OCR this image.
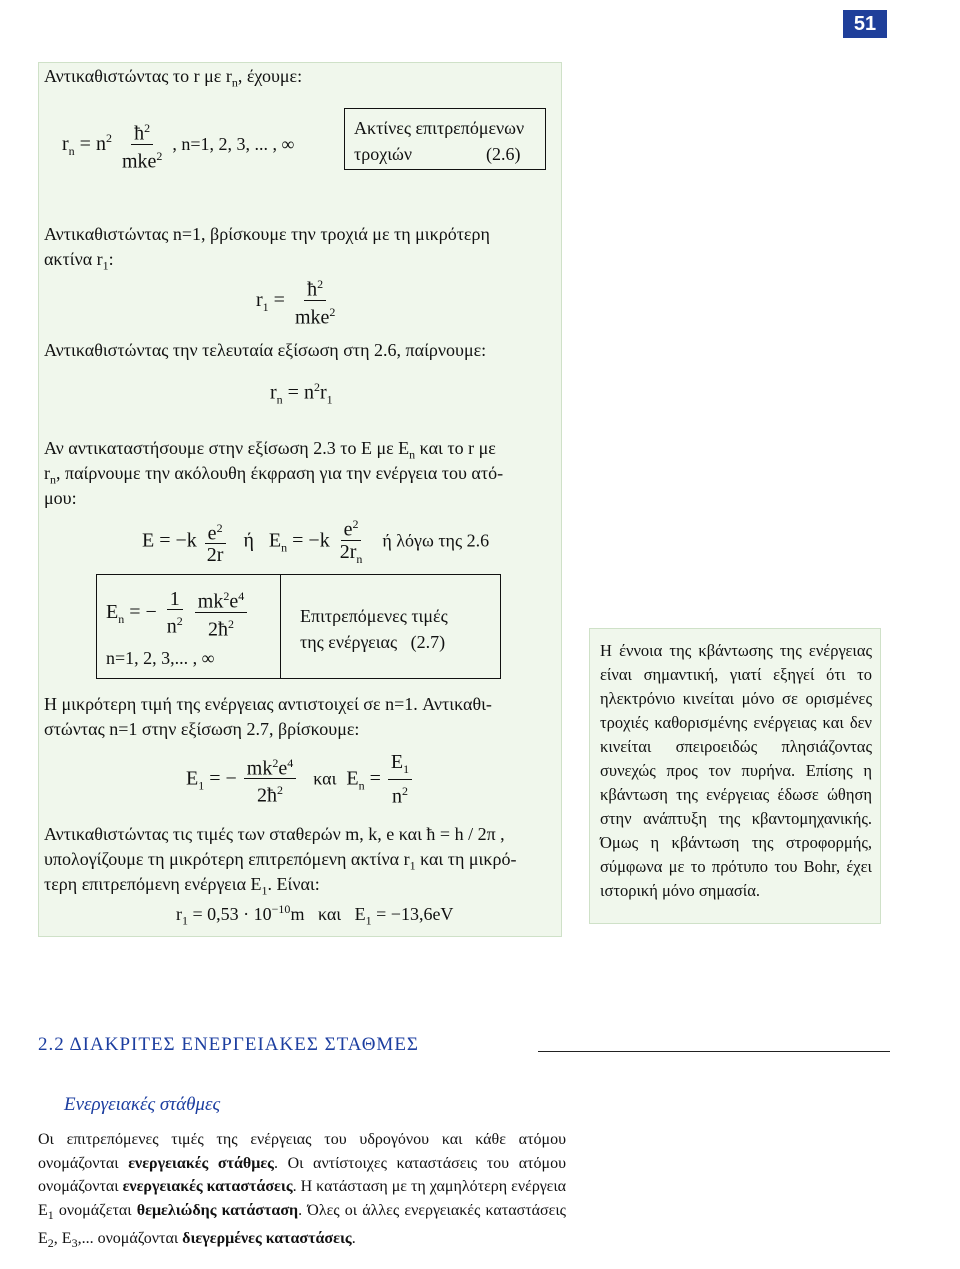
51
Αντικαθιστώντας το r με $r_n$, έχουμε:
$r_n = n^2 \frac{ħ^2}{mke^2}$ , n=1, 2, 3, ... , ∞
Ακτίνες επιτρεπόμενων
τροχιών	(2.6)
Αντικαθιστώντας n=1, βρίσκουμε την τροχιά με τη μικρότερη
ακτίνα $r_1$:
$r_1 = \frac{ħ^2}{mke^2}$
Αντικαθιστώντας την τελευταία εξίσωση στη 2.6, παίρνουμε:
$r_n = n^2r_1$
Αν αντικαταστήσουμε στην εξίσωση 2.3 το E με $E_n$ και το r με
$r_n$, παίρνουμε την ακόλουθη έκφραση για την ενέργεια του ατό-
μου:
$E = -k \frac{e^2}{2r}$ ή $E_n = -k \frac{e^2}{2r_n}$ ή λόγω της 2.6
$E_n$ = − $\frac{1}{n^2}$
$\frac{mk^2e^4}{2ħ^2}$
n=1, 2, 3,... , ∞
Επιτρεπόμενες τιμές
της ενέργειας (2.7)
Η μικρότερη τιμή της ενέργειας αντιστοιχεί σε n=1. Αντικαθι-
στώντας n=1 στην εξίσωση 2.7, βρίσκουμε:
$E_1$ = − $\frac{mk^2e^4}{2ħ^2}$ και $E_n = \frac{E_1}{n^2}$
Αντικαθιστώντας τις τιμές των σταθερών m, k, e και ħ = h / 2π ,
υπολογίζουμε τη μικρότερη επιτρεπόμενη ακτίνα $r_1$ και τη μικρό-
τερη επιτρεπόμενη ενέργεια $E_1$. Είναι:
$r_1 = 0,53 \cdot 10^{-10}m$ και $E_1 = -13,6eV$
Η έννοια της κβάντωσης της ενέργειας είναι σημαντική, γιατί εξηγεί ότι το ηλεκτρόνιο κινείται μόνο σε ορισμένες τροχιές καθορισμένης ενέργειας και δεν κινείται σπειροειδώς πλησιάζοντας συνεχώς προς τον πυρήνα. Επίσης η κβάντωση της ενέργειας έδωσε ώθηση στην ανάπτυξη της κβαντομηχανικής. Όμως η κβάντωση της στροφορμής, σύμφωνα με το πρότυπο του Bohr, έχει ιστορική μόνο σημασία.
2.2 ΔΙΑΚΡΙΤΕΣ ΕΝΕΡΓΕΙΑΚΕΣ ΣΤΑΘΜΕΣ
Ενεργειακές στάθμες
Οι επιτρεπόμενες τιμές της ενέργειας του υδρογόνου και κάθε ατόμου ονομάζονται ενεργειακές στάθμες. Οι αντίστοιχες καταστάσεις του ατόμου ονομάζονται ενεργειακές καταστάσεις. Η κατάσταση με τη χαμηλότερη ενέργεια $E_1$ ονομάζεται θεμελιώδης κατάσταση. Όλες οι άλλες ενεργειακές καταστάσεις $E_2$, $E_3$,... ονομάζονται διεγερμένες καταστάσεις.
